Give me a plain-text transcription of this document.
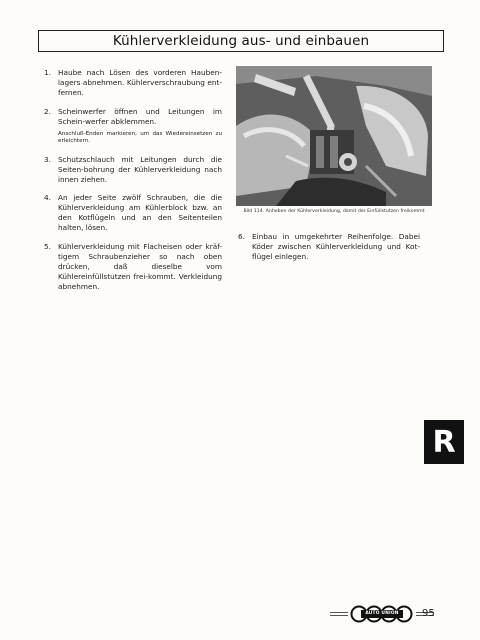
Kühlerverkleidung aus- und einbauen
1. Haube nach Lösen des vorderen Hauben-lagers abnehmen. Kühlerverschraubung ent-fernen.
2. Scheinwerfer öffnen und Leitungen im Schein-werfer abklemmen.
Anschluß-Enden markieren, um das Wiedereinsetzen zu erleichtern.
3. Schutzschlauch mit Leitungen durch die Seiten-bohrung der Kühlerverkleidung nach innen ziehen.
4. An jeder Seite zwölf Schrauben, die die Kühlerverkleidung am Kühlerblock bzw. an den Kotflügeln und an den Seitenteilen halten, lösen.
5. Kühlerverkleidung mit Flacheisen oder kräf-tigem Schraubenzieher so nach oben drücken, daß dieselbe vom Kühlereinfüllstutzen frei-kommt. Verkleidung abnehmen.
Bild 114. Anheben der Kühlerverkleidung, damit der Einfüllstutzen freikommt
6. Einbau in umgekehrter Reihenfolge. Dabei Köder zwischen Kühlerverkleidung und Kot-flügel einlegen.
R
AUTO UNION	95
